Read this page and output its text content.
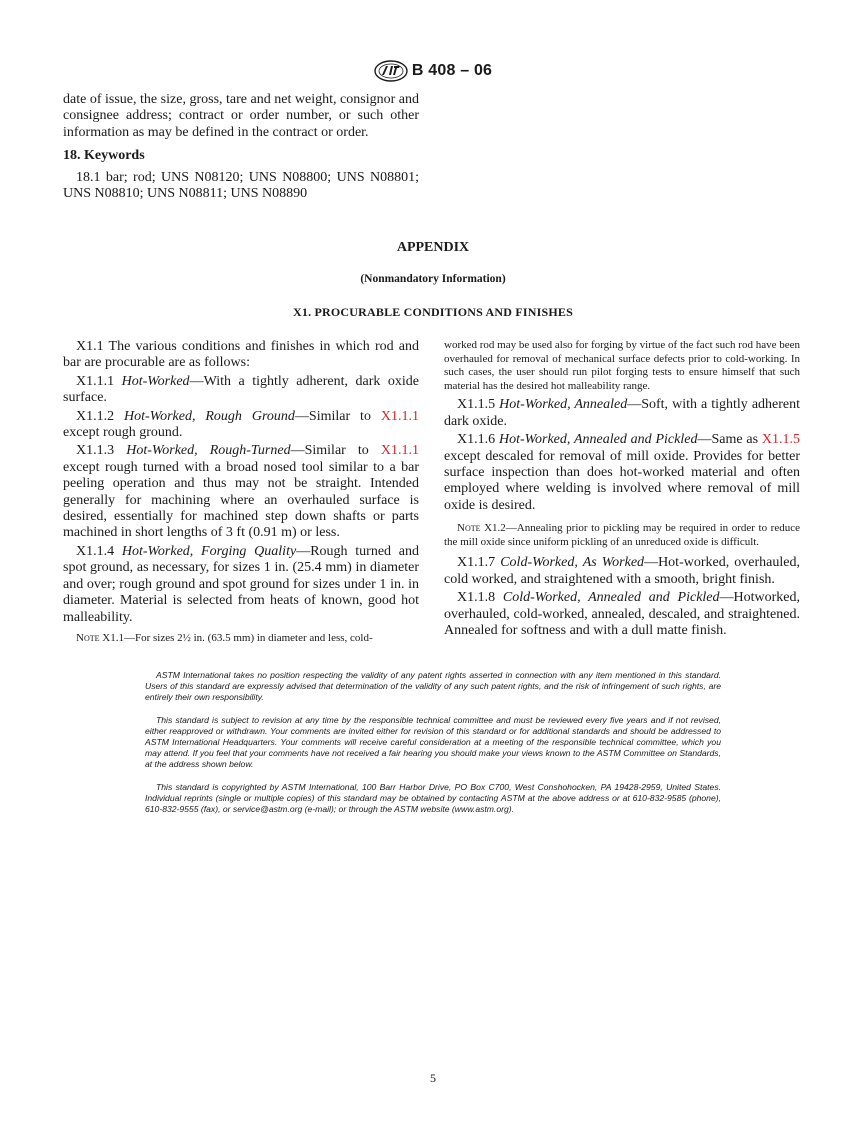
B 408 – 06

date of issue, the size, gross, tare and net weight, consignor and consignee address; contract or order number, or such other information as may be defined in the contract or order.

18. Keywords

18.1 bar; rod; UNS N08120; UNS N08800; UNS N08801; UNS N08810; UNS N08811; UNS N08890

APPENDIX
(Nonmandatory Information)
X1. PROCURABLE CONDITIONS AND FINISHES

X1.1 The various conditions and finishes in which rod and bar are procurable are as follows:

X1.1.1 Hot-Worked—With a tightly adherent, dark oxide surface.

X1.1.2 Hot-Worked, Rough Ground—Similar to X1.1.1 except rough ground.

X1.1.3 Hot-Worked, Rough-Turned—Similar to X1.1.1 except rough turned with a broad nosed tool similar to a bar peeling operation and thus may not be straight. Intended generally for machining where an overhauled surface is desired, essentially for machined step down shafts or parts machined in short lengths of 3 ft (0.91 m) or less.

X1.1.4 Hot-Worked, Forging Quality—Rough turned and spot ground, as necessary, for sizes 1 in. (25.4 mm) in diameter and over; rough ground and spot ground for sizes under 1 in. in diameter. Material is selected from heats of known, good hot malleability.

Note X1.1—For sizes 2½ in. (63.5 mm) in diameter and less, cold-

worked rod may be used also for forging by virtue of the fact such rod have been overhauled for removal of mechanical surface defects prior to cold-working. In such cases, the user should run pilot forging tests to ensure himself that such material has the desired hot malleability range.

X1.1.5 Hot-Worked, Annealed—Soft, with a tightly adherent dark oxide.

X1.1.6 Hot-Worked, Annealed and Pickled—Same as X1.1.5 except descaled for removal of mill oxide. Provides for better surface inspection than does hot-worked material and often employed where welding is involved where removal of mill oxide is desired.

Note X1.2—Annealing prior to pickling may be required in order to reduce the mill oxide since uniform pickling of an unreduced oxide is difficult.

X1.1.7 Cold-Worked, As Worked—Hot-worked, overhauled, cold worked, and straightened with a smooth, bright finish.

X1.1.8 Cold-Worked, Annealed and Pickled—Hotworked, overhauled, cold-worked, annealed, descaled, and straightened. Annealed for softness and with a dull matte finish.

ASTM International takes no position respecting the validity of any patent rights asserted in connection with any item mentioned in this standard. Users of this standard are expressly advised that determination of the validity of any such patent rights, and the risk of infringement of such rights, are entirely their own responsibility.

This standard is subject to revision at any time by the responsible technical committee and must be reviewed every five years and if not revised, either reapproved or withdrawn. Your comments are invited either for revision of this standard or for additional standards and should be addressed to ASTM International Headquarters. Your comments will receive careful consideration at a meeting of the responsible technical committee, which you may attend. If you feel that your comments have not received a fair hearing you should make your views known to the ASTM Committee on Standards, at the address shown below.

This standard is copyrighted by ASTM International, 100 Barr Harbor Drive, PO Box C700, West Conshohocken, PA 19428-2959, United States. Individual reprints (single or multiple copies) of this standard may be obtained by contacting ASTM at the above address or at 610-832-9585 (phone), 610-832-9555 (fax), or service@astm.org (e-mail); or through the ASTM website (www.astm.org).

5
